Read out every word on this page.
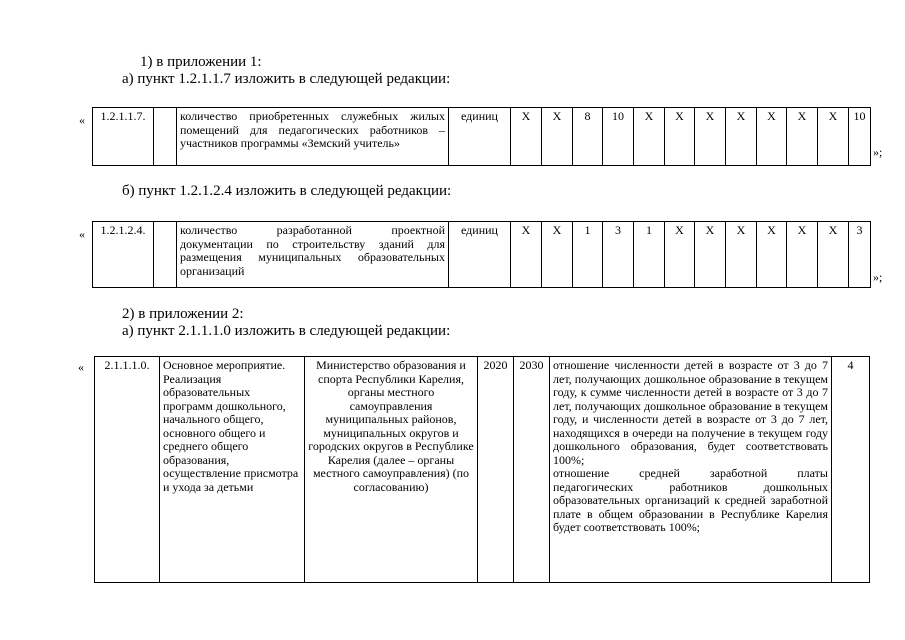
1) в приложении 1:
а) пункт 1.2.1.1.7 изложить в следующей редакции:
« 1.2.1.1.7.		количество приобретенных служебных жилых помещений для педагогических работников – участников программы «Земский учитель»	единиц	X	X	8	10	X	X	X	X	X	X	X	10
»;
б) пункт 1.2.1.2.4 изложить в следующей редакции:
« 1.2.1.2.4.		количество разработанной проектной документации по строительству зданий для размещения муниципальных образовательных организаций	единиц	X	X	1	3	1	X	X	X	X	X	X	3
»;
2) в приложении 2:
а) пункт 2.1.1.1.0 изложить в следующей редакции:
« 2.1.1.1.0.	Основное мероприятие. Реализация образовательных программ дошкольного, начального общего, основного общего и среднего общего образования, осуществление присмотра и ухода за детьми	Министерство образования и спорта Республики Карелия, органы местного самоуправления муниципальных районов, муниципальных округов и городских округов в Республике Карелия (далее – органы местного самоуправления) (по согласованию)	2020	2030	отношение численности детей в возрасте от 3 до 7 лет, получающих дошкольное образование в текущем году, к сумме численности детей в возрасте от 3 до 7 лет, получающих дошкольное образование в текущем году, и численности детей в возрасте от 3 до 7 лет, находящихся в очереди на получение в текущем году дошкольного образования, будет соответствовать 100%;
отношение средней заработной платы педагогических работников дошкольных образовательных организаций к средней заработной плате в общем образовании в Республике Карелия будет соответствовать 100%;
	4
